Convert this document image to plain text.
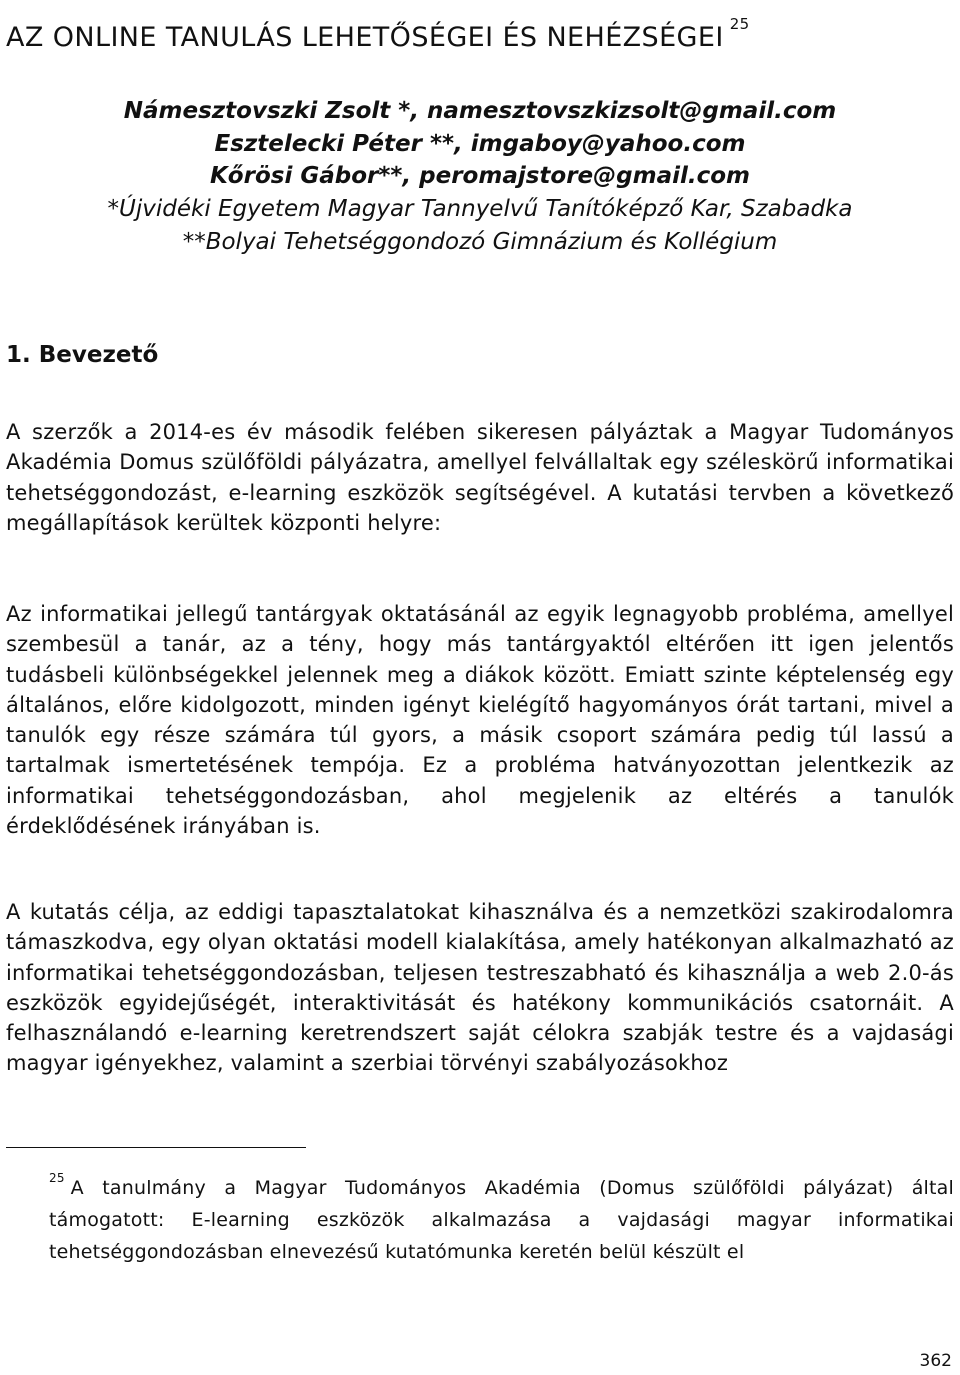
AZ ONLINE TANULÁS LEHETŐSÉGEI ÉS NEHÉZSÉGEI $^{25}$
Námesztovszki Zsolt *, namesztovszkizsolt@gmail.com
Esztelecki Péter **, imgaboy@yahoo.com
Kőrösi Gábor**, peromajstore@gmail.com
*Újvidéki Egyetem Magyar Tannyelvű Tanítóképző Kar, Szabadka
**Bolyai Tehetséggondozó Gimnázium és Kollégium
1. Bevezető

A szerzők a 2014-es év második felében sikeresen pályáztak a Magyar Tudományos Akadémia Domus szülőföldi pályázatra, amellyel felvállaltak egy széleskörű informatikai tehetséggondozást, e-learning eszközök segítségével. A kutatási tervben a következő megállapítások kerültek központi helyre:

Az informatikai jellegű tantárgyak oktatásánál az egyik legnagyobb probléma, amellyel szembesül a tanár, az a tény, hogy más tantárgyaktól eltérően itt igen jelentős tudásbeli különbségekkel jelennek meg a diákok között. Emiatt szinte képtelenség egy általános, előre kidolgozott, minden igényt kielégítő hagyományos órát tartani, mivel a tanulók egy része számára túl gyors, a másik csoport számára pedig túl lassú a tartalmak ismertetésének tempója. Ez a probléma hatványozottan jelentkezik az informatikai tehetséggondozásban, ahol megjelenik az eltérés a tanulók érdeklődésének irányában is.

A kutatás célja, az eddigi tapasztalatokat kihasználva és a nemzetközi szakirodalomra támaszkodva, egy olyan oktatási modell kialakítása, amely hatékonyan alkalmazható az informatikai tehetséggondozásban, teljesen testreszabható és kihasználja a web 2.0-ás eszközök egyidejűségét, interaktivitását és hatékony kommunikációs csatornáit. A felhasználandó e-learning keretrendszert saját célokra szabják testre és a vajdasági magyar igényekhez, valamint a szerbiai törvényi szabályozásokhoz

$^{25}$ A tanulmány a Magyar Tudományos Akadémia (Domus szülőföldi pályázat) által támogatott: E-learning eszközök alkalmazása a vajdasági magyar informatikai tehetséggondozásban elnevezésű kutatómunka keretén belül készült el
362
